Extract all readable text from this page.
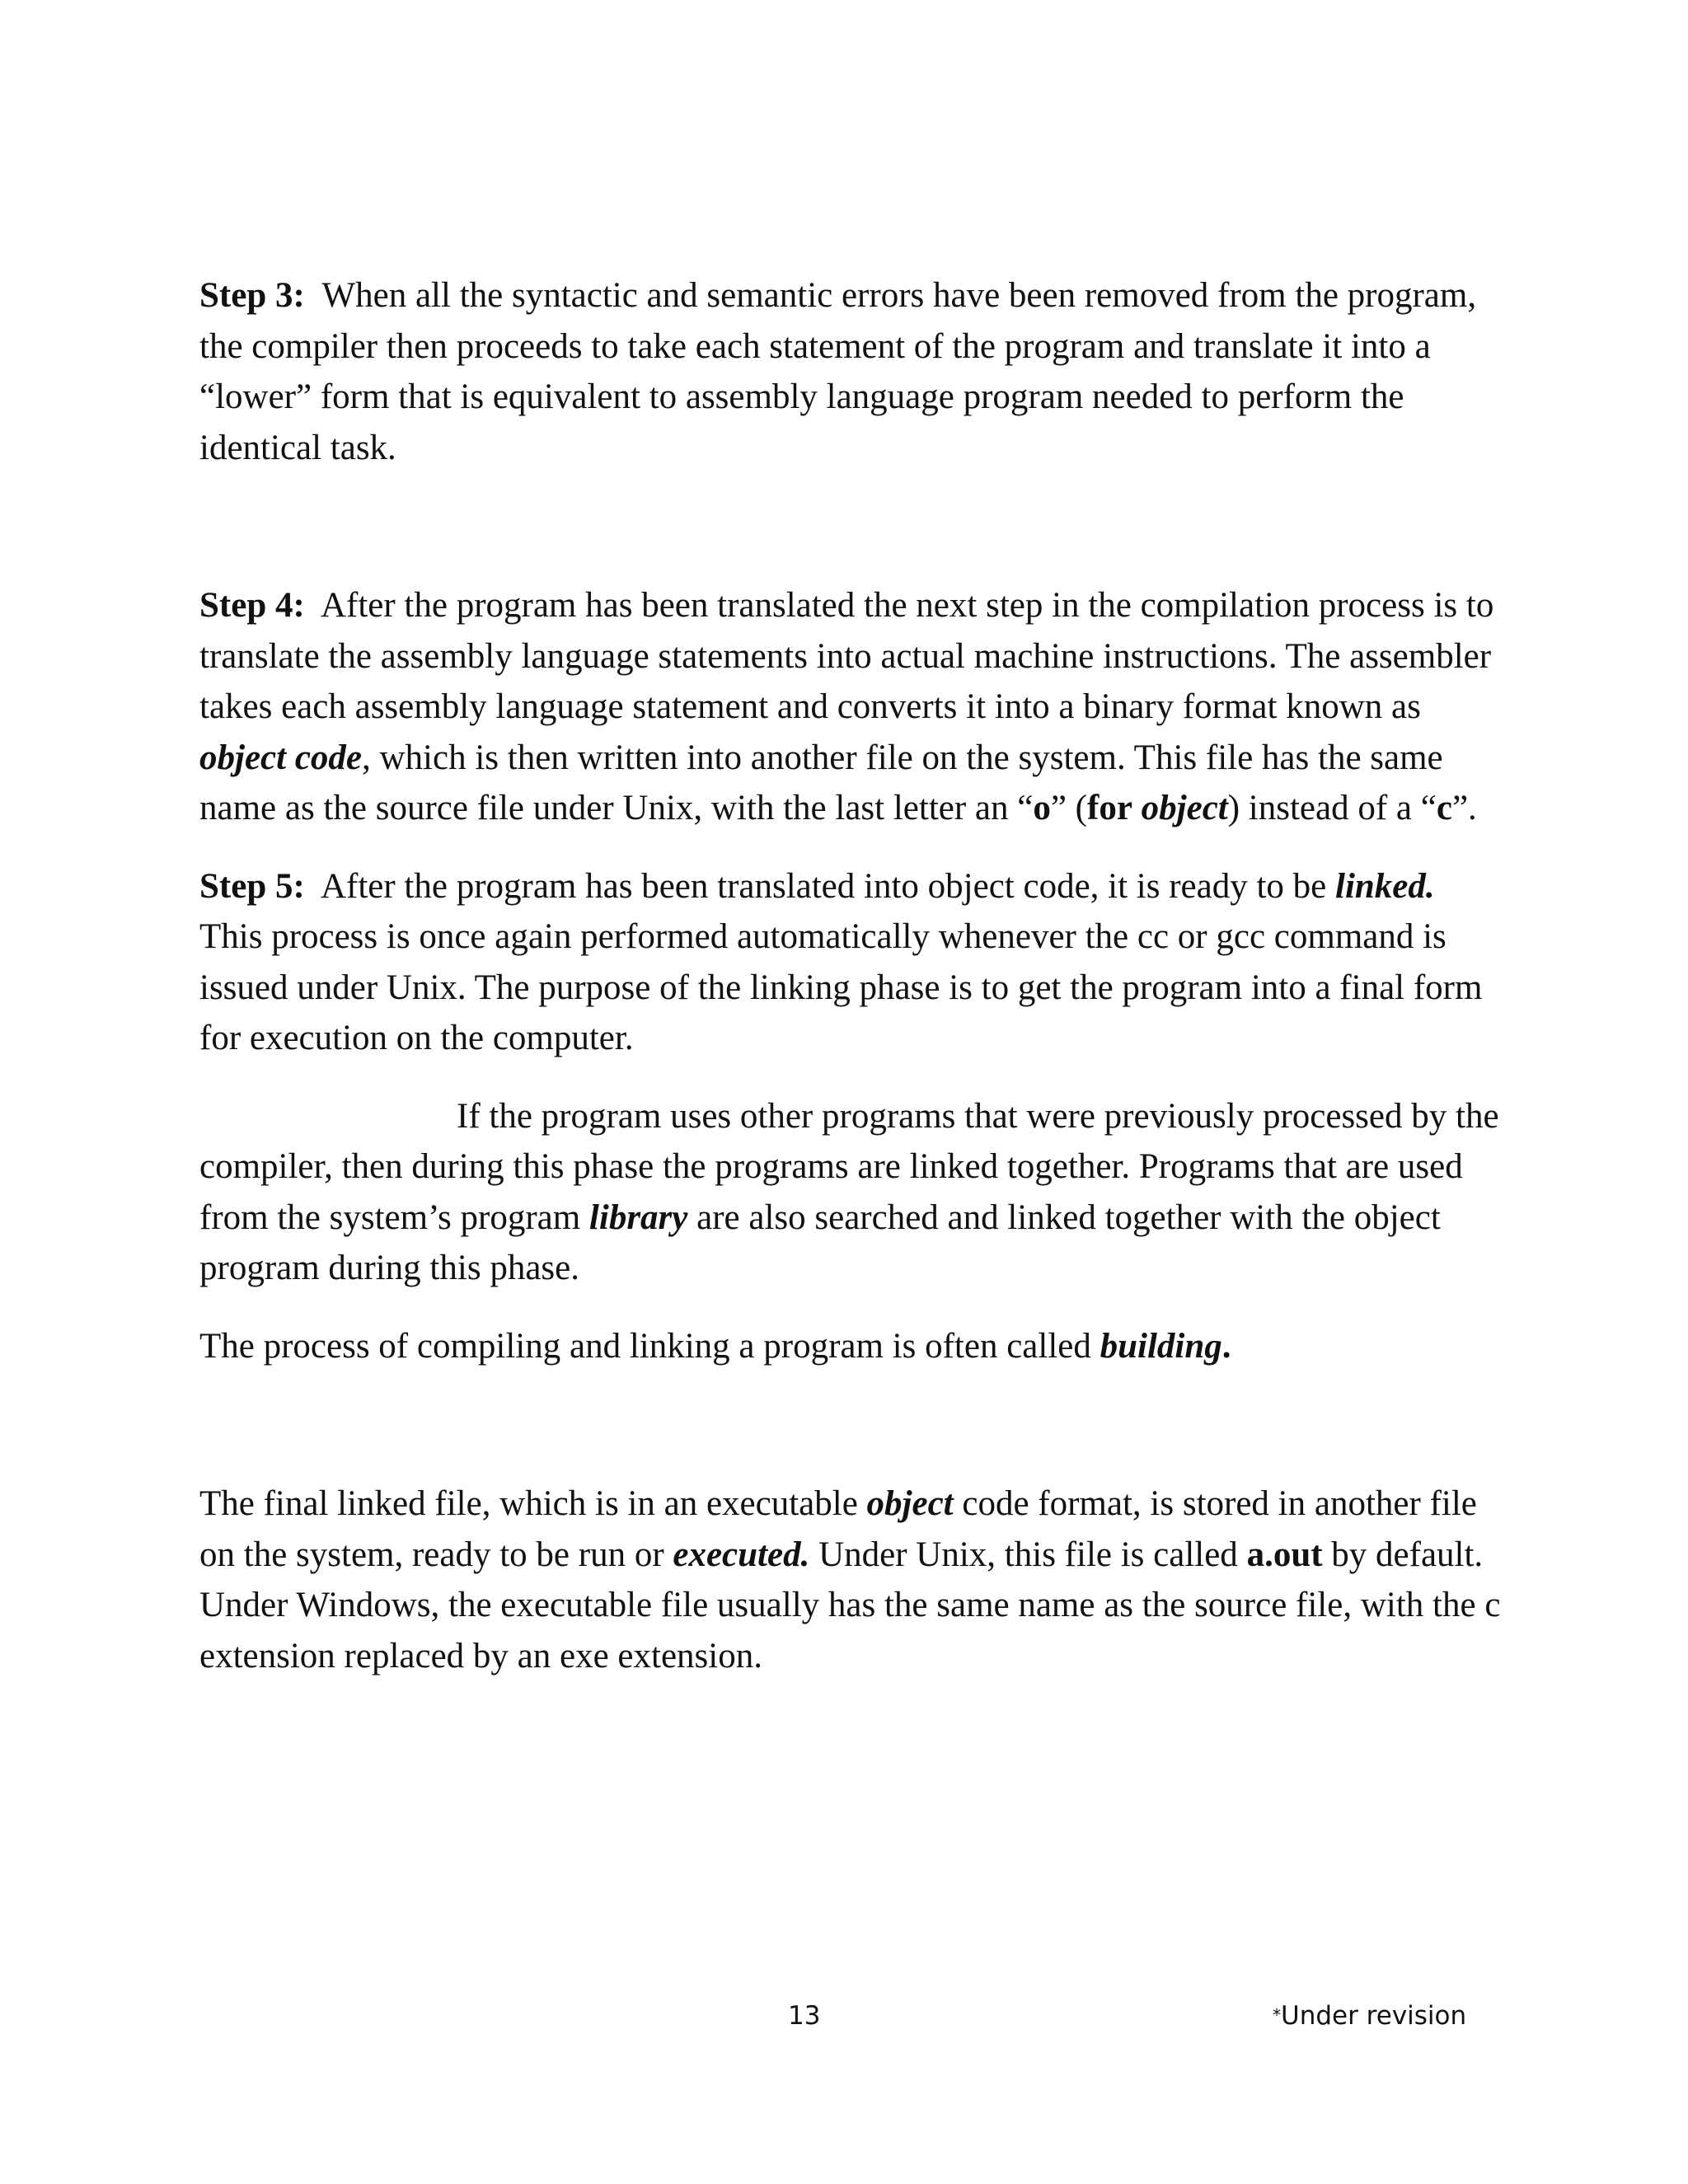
Step 3: When all the syntactic and semantic errors have been removed from the program, the compiler then proceeds to take each statement of the program and translate it into a “lower” form that is equivalent to assembly language program needed to perform the identical task.

Step 4: After the program has been translated the next step in the compilation process is to translate the assembly language statements into actual machine instructions. The assembler takes each assembly language statement and converts it into a binary format known as object code, which is then written into another file on the system. This file has the same name as the source file under Unix, with the last letter an “o” (for object) instead of a “c”.

Step 5: After the program has been translated into object code, it is ready to be linked. This process is once again performed automatically whenever the cc or gcc command is issued under Unix. The purpose of the linking phase is to get the program into a final form for execution on the computer.

If the program uses other programs that were previously processed by the compiler, then during this phase the programs are linked together. Programs that are used from the system’s program library are also searched and linked together with the object program during this phase.

The process of compiling and linking a program is often called building.

The final linked file, which is in an executable object code format, is stored in another file on the system, ready to be run or executed. Under Unix, this file is called a.out by default. Under Windows, the executable file usually has the same name as the source file, with the c extension replaced by an exe extension.

13	*Under revision
